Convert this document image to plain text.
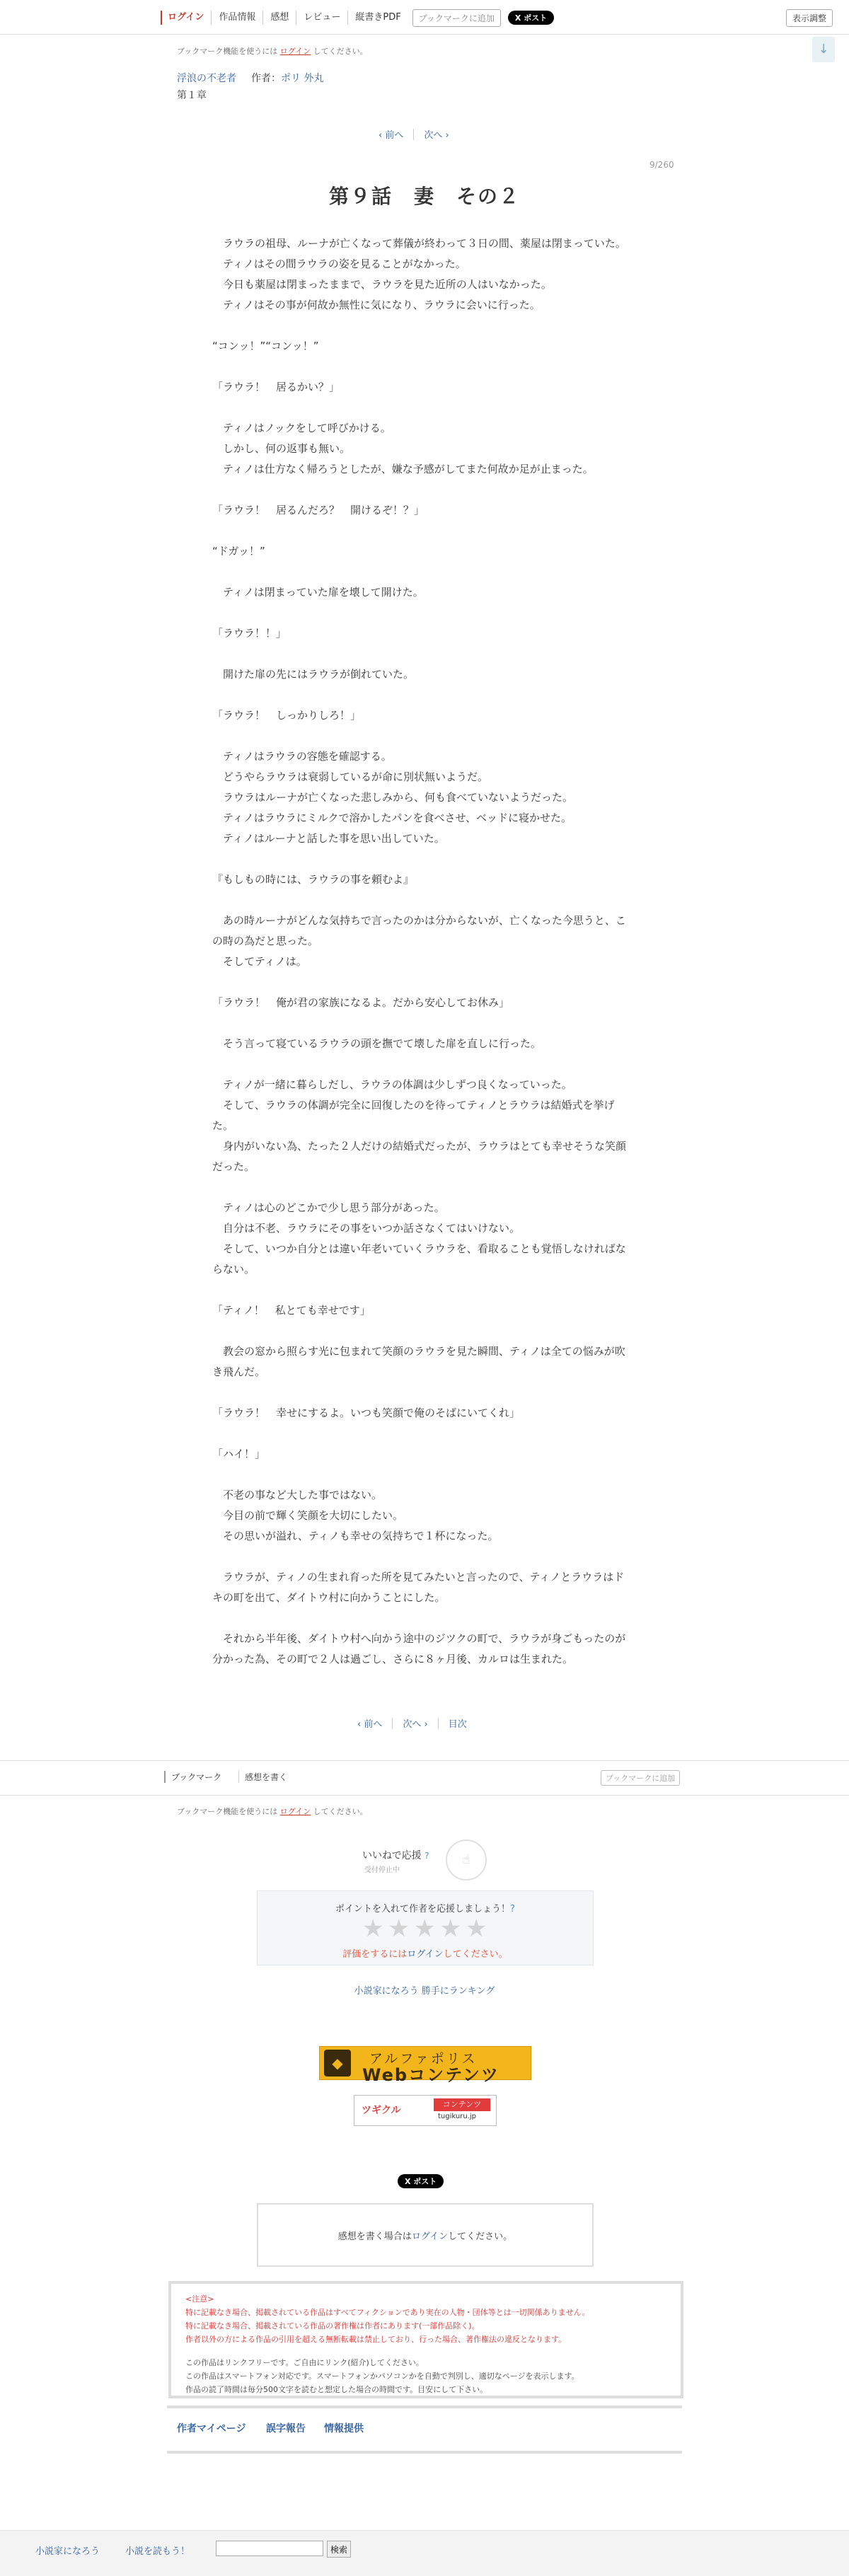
ログイン	作品情報	感想	レビュー	縦書きPDF	ブックマークに追加	X ポスト	表示調整
ブックマーク機能を使うには ログイン してください。	↓
浮浪の不老者 作者：ポリ 外丸
第１章
‹ 前へ 次へ ›
9/260
第９話　妻　その２

　ラウラの祖母、ルーナが亡くなって葬儀が終わって３日の間、薬屋は閉まっていた。

　ティノはその間ラウラの姿を見ることがなかった。

　今日も薬屋は閉まったままで、ラウラを見た近所の人はいなかった。

　ティノはその事が何故か無性に気になり、ラウラに会いに行った。

“コンッ！”“コンッ！”

「ラウラ！　居るかい？」

　ティノはノックをして呼びかける。

　しかし、何の返事も無い。

　ティノは仕方なく帰ろうとしたが、嫌な予感がしてまた何故か足が止まった。

「ラウラ！　居るんだろ？　開けるぞ！？」

“ドガッ！”

　ティノは閉まっていた扉を壊して開けた。

「ラウラ！！」

　開けた扉の先にはラウラが倒れていた。

「ラウラ！　しっかりしろ！」

　ティノはラウラの容態を確認する。

　どうやらラウラは衰弱しているが命に別状無いようだ。

　ラウラはルーナが亡くなった悲しみから、何も食べていないようだった。

　ティノはラウラにミルクで溶かしたパンを食べさせ、ベッドに寝かせた。

　ティノはルーナと話した事を思い出していた。

『もしもの時には、ラウラの事を頼むよ』

　あの時ルーナがどんな気持ちで言ったのかは分からないが、亡くなった今思うと、この時の為だと思った。

　そしてティノは。

「ラウラ！　俺が君の家族になるよ。だから安心してお休み」

　そう言って寝ているラウラの頭を撫でて壊した扉を直しに行った。

　ティノが一緒に暮らしだし、ラウラの体調は少しずつ良くなっていった。

　そして、ラウラの体調が完全に回復したのを待ってティノとラウラは結婚式を挙げた。

　身内がいない為、たった２人だけの結婚式だったが、ラウラはとても幸せそうな笑顔だった。

　ティノは心のどこかで少し思う部分があった。

　自分は不老、ラウラにその事をいつか話さなくてはいけない。

　そして、いつか自分とは違い年老いていくラウラを、看取ることも覚悟しなければならない。

「ティノ！　私とても幸せです」

　教会の窓から照らす光に包まれて笑顔のラウラを見た瞬間、ティノは全ての悩みが吹き飛んだ。

「ラウラ！　幸せにするよ。いつも笑顔で俺のそばにいてくれ」

「ハイ！」

　不老の事など大した事ではない。

　今目の前で輝く笑顔を大切にしたい。

　その思いが溢れ、ティノも幸せの気持ちで１杯になった。

　ラウラが、ティノの生まれ育った所を見てみたいと言ったので、ティノとラウラはドキの町を出て、ダイトウ村に向かうことにした。

　それから半年後、ダイトウ村へ向かう途中のジツクの町で、ラウラが身ごもったのが分かった為、その町で２人は過ごし、さらに８ヶ月後、カルロは生まれた。

‹ 前へ 次へ › 目次
ブックマーク	感想を書く	ブックマークに追加
ブックマーク機能を使うには ログイン してください。
いいねで応援 ?
受付停止中
☝
ポイントを入れて作者を応援しましょう！?
★ ★ ★ ★ ★
評価をするにはログインしてください。
小説家になろう 勝手にランキング
◆	アルファポリス
Webコンテンツ
ツギクル
コンテンツ
tugikuru.jp
X ポスト
感想を書く場合はログインしてください。
<注意>
特に記載なき場合、掲載されている作品はすべてフィクションであり実在の人物・団体等とは一切関係ありません。
特に記載なき場合、掲載されている作品の著作権は作者にあります(一部作品除く)。
作者以外の方による作品の引用を超える無断転載は禁止しており、行った場合、著作権法の違反となります。
この作品はリンクフリーです。ご自由にリンク(紹介)してください。
この作品はスマートフォン対応です。スマートフォンかパソコンかを自動で判別し、適切なページを表示します。
作品の読了時間は毎分500文字を読むと想定した場合の時間です。目安にして下さい。
作者マイページ 誤字報告 情報提供
小説家になろう	小説を読もう！	検索
